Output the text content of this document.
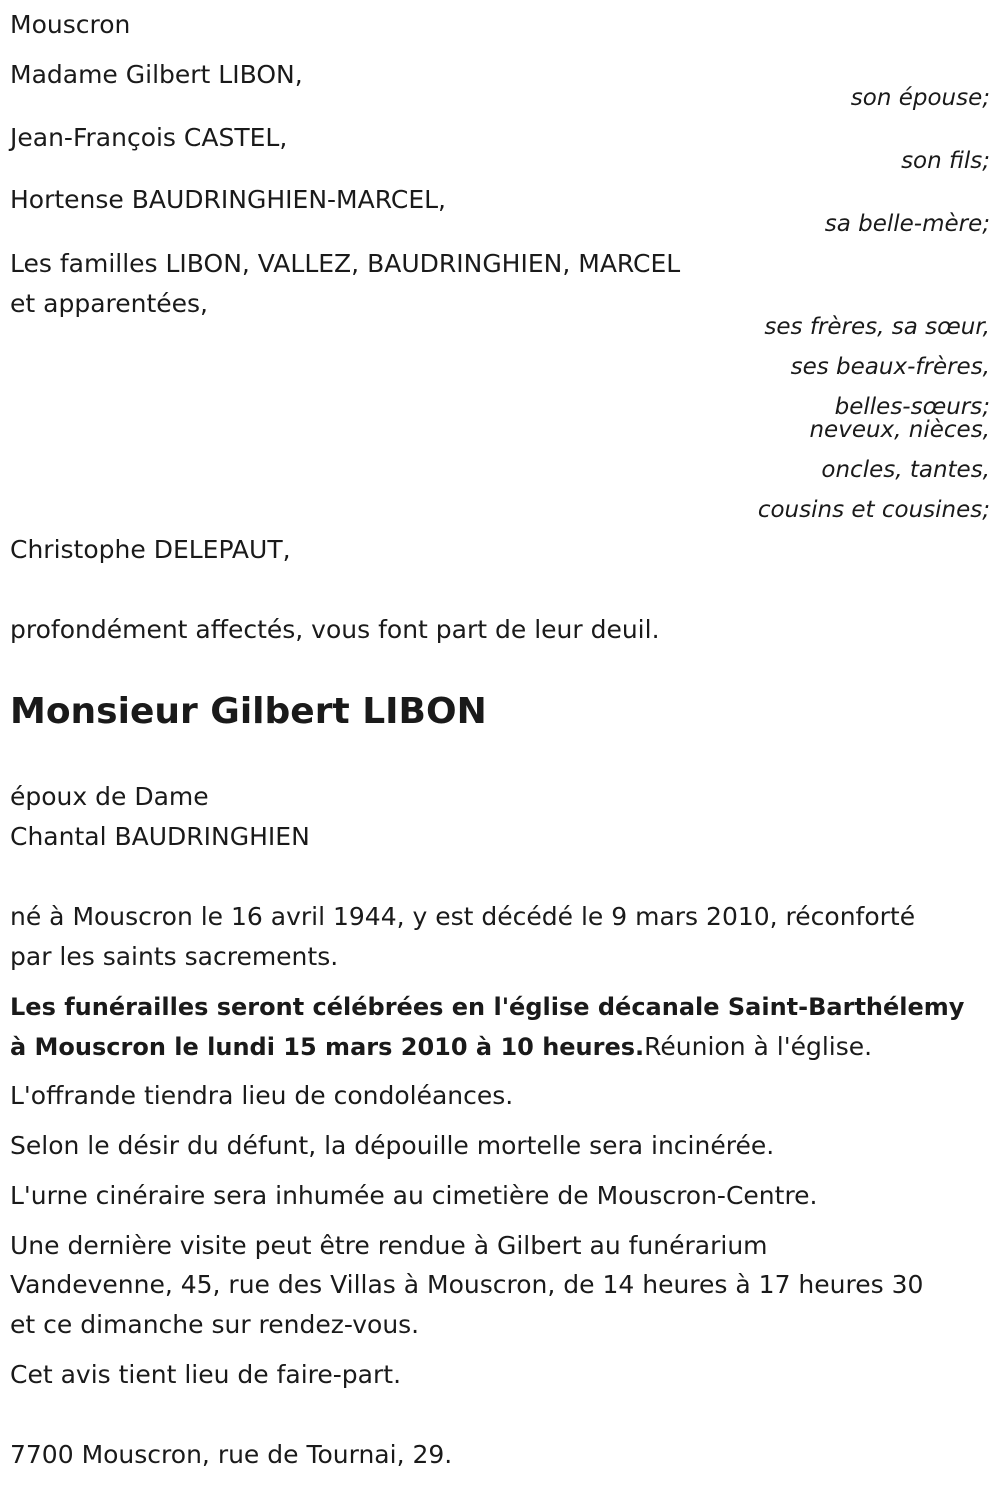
Mouscron
Madame Gilbert LIBON,
son épouse;
Jean-François CASTEL,
son fils;
Hortense BAUDRINGHIEN-MARCEL,
sa belle-mère;
Les familles LIBON, VALLEZ, BAUDRINGHIEN, MARCEL
et apparentées,
ses frères, sa sœur,
ses beaux-frères,
belles-sœurs;
neveux, nièces,
oncles, tantes,
cousins et cousines;
Christophe DELEPAUT,
profondément affectés, vous font part de leur deuil.
Monsieur Gilbert LIBON
époux de Dame
Chantal BAUDRINGHIEN
né à Mouscron le 16 avril 1944, y est décédé le 9 mars 2010, réconforté
par les saints sacrements.
Les funérailles seront célébrées en l'église décanale Saint-Barthélemy
à Mouscron le lundi 15 mars 2010 à 10 heures.Réunion à l'église.
L'offrande tiendra lieu de condoléances.
Selon le désir du défunt, la dépouille mortelle sera incinérée.
L'urne cinéraire sera inhumée au cimetière de Mouscron-Centre.
Une dernière visite peut être rendue à Gilbert au funérarium
Vandevenne, 45, rue des Villas à Mouscron, de 14 heures à 17 heures 30
et ce dimanche sur rendez-vous.
Cet avis tient lieu de faire-part.
7700 Mouscron, rue de Tournai, 29.
